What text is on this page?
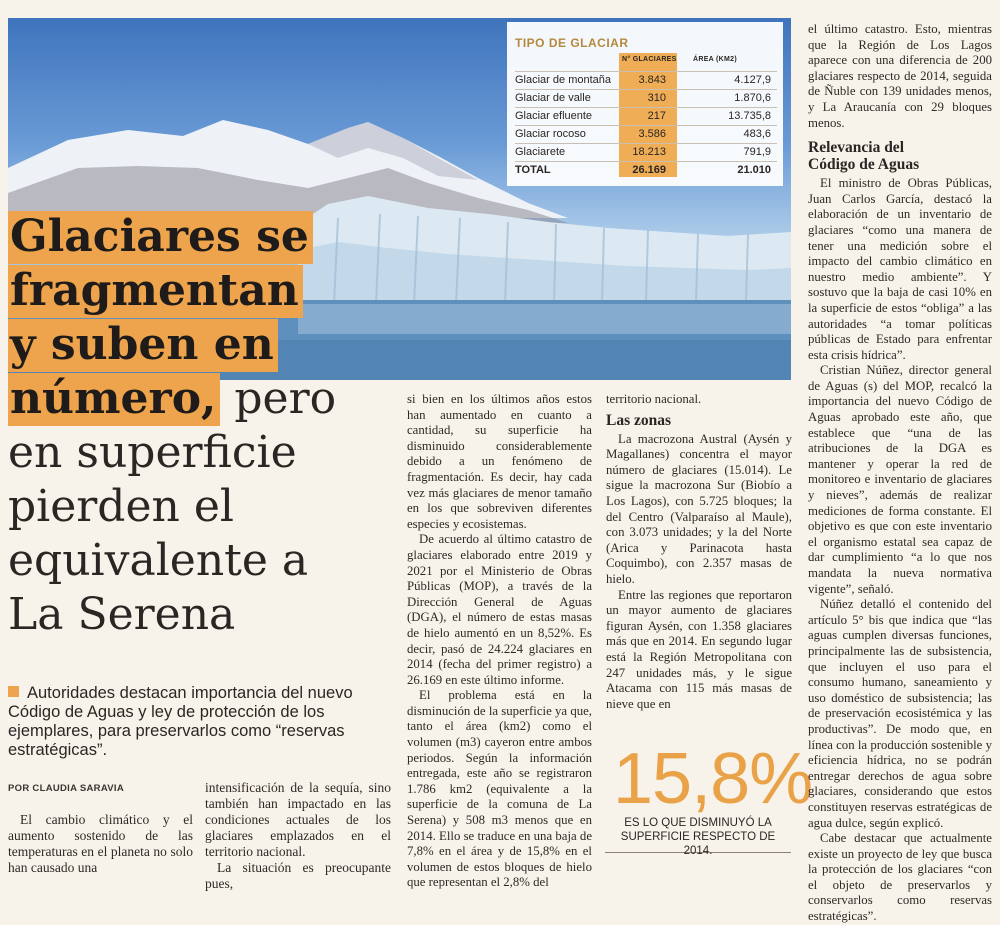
TIPO DE GLACIAR
N° GLACIARES ÁREA (KM2)
Glaciar de montaña 3.843	4.127,9
Glaciar de valle	310	1.870,6
Glaciar efluente	217	13.735,8
Glaciar rocoso	3.586	483,6
Glaciarete	18.213	791,9
TOTAL	26.169	21.010
Glaciares se
fragmentan
y suben en
número, pero
en superficie
pierden el
equivalente a
La Serena
Autoridades destacan importancia del nuevo Código de Aguas y ley de protección de los ejemplares, para preservarlos como “reservas estratégicas”.
POR CLAUDIA SARAVIA

El cambio climático y el aumento sostenido de las temperaturas en el planeta no solo han causado una

intensificación de la sequía, sino también han impactado en las condiciones actuales de los glaciares emplazados en el territorio nacional.

La situación es preocupante pues,

si bien en los últimos años estos han aumentado en cuanto a cantidad, su superficie ha disminuido considerablemente debido a un fenómeno de fragmentación. Es decir, hay cada vez más glaciares de menor tamaño en los que sobreviven diferentes especies y ecosistemas.

De acuerdo al último catastro de glaciares elaborado entre 2019 y 2021 por el Ministerio de Obras Públicas (MOP), a través de la Dirección General de Aguas (DGA), el número de estas masas de hielo aumentó en un 8,52%. Es decir, pasó de 24.224 glaciares en 2014 (fecha del primer registro) a 26.169 en este último informe.

El problema está en la disminución de la superficie ya que, tanto el área (km2) como el volumen (m3) cayeron entre ambos periodos. Según la información entregada, este año se registraron 1.786 km2 (equivalente a la superficie de la comuna de La Serena) y 508 m3 menos que en 2014. Ello se traduce en una baja de 7,8% en el área y de 15,8% en el volumen de estos bloques de hielo que representan el 2,8% del

territorio nacional.

Las zonas

La macrozona Austral (Aysén y Magallanes) concentra el mayor número de glaciares (15.014). Le sigue la macrozona Sur (Biobío a Los Lagos), con 5.725 bloques; la del Centro (Valparaíso al Maule), con 3.073 unidades; y la del Norte (Arica y Parinacota hasta Coquimbo), con 2.357 masas de hielo.

Entre las regiones que reportaron un mayor aumento de glaciares figuran Aysén, con 1.358 glaciares más que en 2014. En segundo lugar está la Región Metropolitana con 247 unidades más, y le sigue Atacama con 115 más masas de nieve que en

15,8%
ES LO QUE DISMINUYÓ LA SUPERFICIE RESPECTO DE 2014.

el último catastro. Esto, mientras que la Región de Los Lagos aparece con una diferencia de 200 glaciares respecto de 2014, seguida de Ñuble con 139 unidades menos, y La Araucanía con 29 bloques menos.

Relevancia del
Código de Aguas

El ministro de Obras Públicas, Juan Carlos García, destacó la elaboración de un inventario de glaciares “como una manera de tener una medición sobre el impacto del cambio climático en nuestro medio ambiente”. Y sostuvo que la baja de casi 10% en la superficie de estos “obliga” a las autoridades “a tomar políticas públicas de Estado para enfrentar esta crisis hídrica”.

Cristian Núñez, director general de Aguas (s) del MOP, recalcó la importancia del nuevo Código de Aguas aprobado este año, que establece que “una de las atribuciones de la DGA es mantener y operar la red de monitoreo e inventario de glaciares y nieves”, además de realizar mediciones de forma constante. El objetivo es que con este inventario el organismo estatal sea capaz de dar cumplimiento “a lo que nos mandata la nueva normativa vigente”, señaló.

Núñez detalló el contenido del artículo 5° bis que indica que “las aguas cumplen diversas funciones, principalmente las de subsistencia, que incluyen el uso para el consumo humano, saneamiento y uso doméstico de subsistencia; las de preservación ecosistémica y las productivas”. De modo que, en línea con la producción sostenible y eficiencia hídrica, no se podrán entregar derechos de agua sobre glaciares, considerando que estos constituyen reservas estratégicas de agua dulce, según explicó.

Cabe destacar que actualmente existe un proyecto de ley que busca la protección de los glaciares “con el objeto de preservarlos y conservarlos como reservas estratégicas”.
